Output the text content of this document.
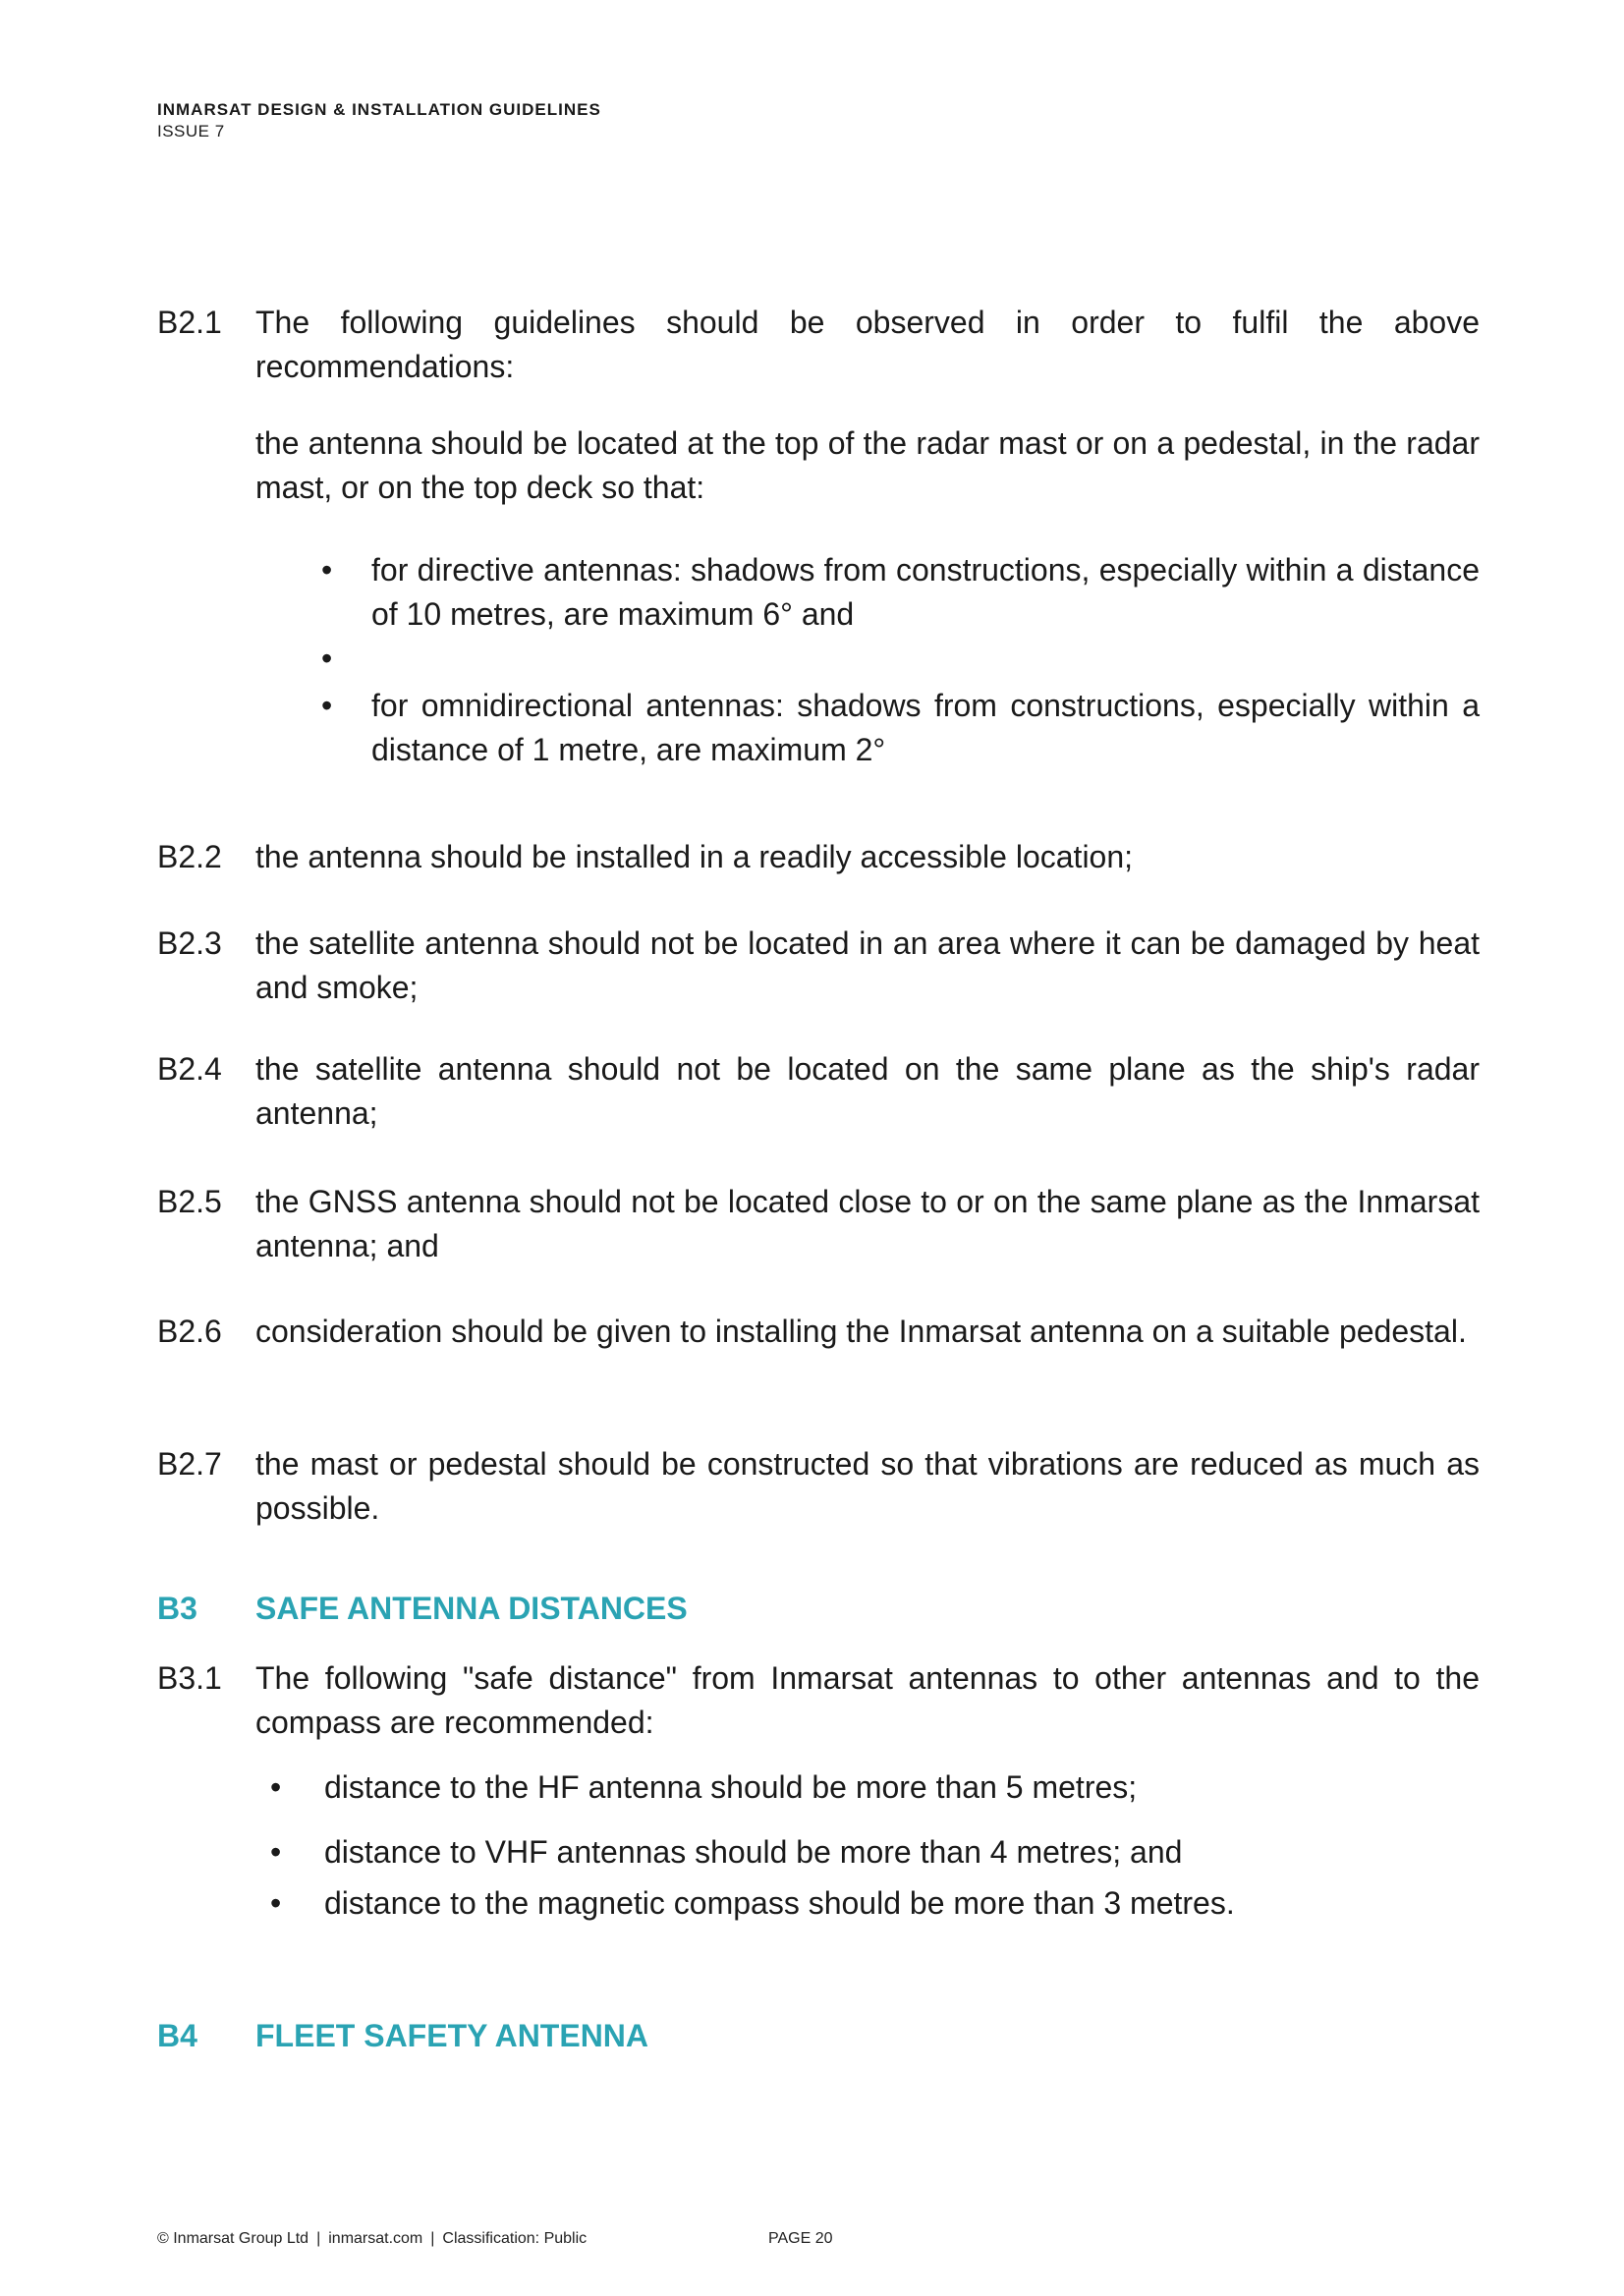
INMARSAT DESIGN & INSTALLATION GUIDELINES
ISSUE 7
B2.1 The following guidelines should be observed in order to fulfil the above recommendations:
the antenna should be located at the top of the radar mast or on a pedestal, in the radar mast, or on the top deck so that:
• for directive antennas: shadows from constructions, especially within a distance of 10 metres, are maximum 6° and
•
• for omnidirectional antennas: shadows from constructions, especially within a distance of 1 metre, are maximum 2°
B2.2 the antenna should be installed in a readily accessible location;
B2.3 the satellite antenna should not be located in an area where it can be damaged by heat and smoke;
B2.4 the satellite antenna should not be located on the same plane as the ship's radar antenna;
B2.5 the GNSS antenna should not be located close to or on the same plane as the Inmarsat antenna; and
B2.6 consideration should be given to installing the Inmarsat antenna on a suitable pedestal.
B2.7 the mast or pedestal should be constructed so that vibrations are reduced as much as possible.
B3 SAFE ANTENNA DISTANCES
B3.1 The following "safe distance" from Inmarsat antennas to other antennas and to the compass are recommended:
• distance to the HF antenna should be more than 5 metres;
• distance to VHF antennas should be more than 4 metres; and
• distance to the magnetic compass should be more than 3 metres.
B4 FLEET SAFETY ANTENNA
© Inmarsat Group Ltd | inmarsat.com | Classification: Public	PAGE 20
